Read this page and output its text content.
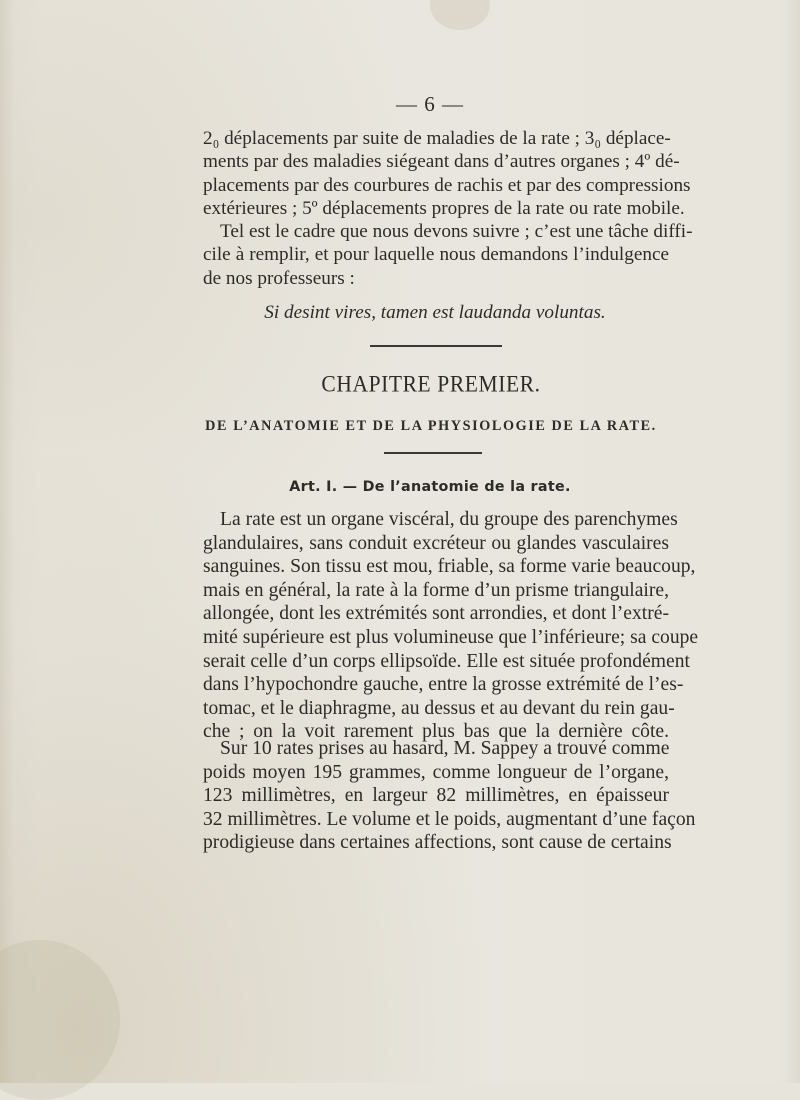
— 6 —
2₀ déplacements par suite de maladies de la rate ; 3₀ déplace-
ments par des maladies siégeant dans d’autres organes ; 4º dé-
placements par des courbures de rachis et par des compressions
extérieures ; 5º déplacements propres de la rate ou rate mobile.
Tel est le cadre que nous devons suivre ; c’est une tâche diffi-
cile à remplir, et pour laquelle nous demandons l’indulgence
de nos professeurs :
Si desint vires, tamen est laudanda voluntas.
CHAPITRE PREMIER.
DE L’ANATOMIE ET DE LA PHYSIOLOGIE DE LA RATE.
Art. I. — De l’anatomie de la rate.
La rate est un organe viscéral, du groupe des parenchymes
glandulaires, sans conduit excréteur ou glandes vasculaires
sanguines. Son tissu est mou, friable, sa forme varie beaucoup,
mais en général, la rate à la forme d’un prisme triangulaire,
allongée, dont les extrémités sont arrondies, et dont l’extré-
mité supérieure est plus volumineuse que l’inférieure; sa coupe
serait celle d’un corps ellipsoïde. Elle est située profondément
dans l’hypochondre gauche, entre la grosse extrémité de l’es-
tomac, et le diaphragme, au dessus et au devant du rein gau-
che ; on la voit rarement plus bas que la dernière côte.
Sur 10 rates prises au hasard, M. Sappey a trouvé comme
poids moyen 195 grammes, comme longueur de l’organe,
123 millimètres, en largeur 82 millimètres, en épaisseur
32 millimètres. Le volume et le poids, augmentant d’une façon
prodigieuse dans certaines affections, sont cause de certains
